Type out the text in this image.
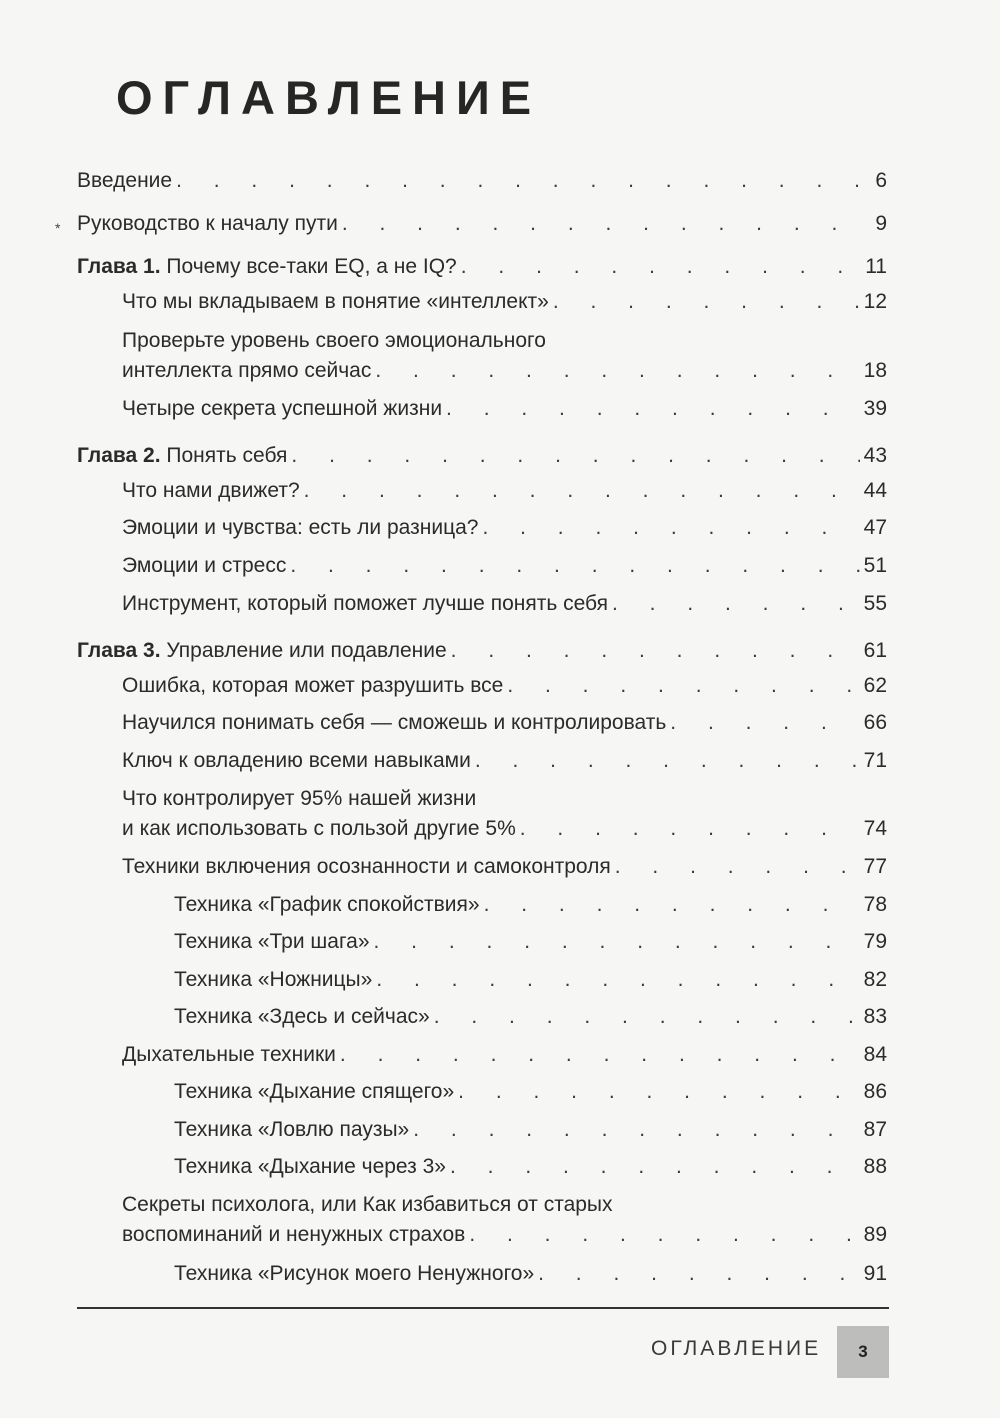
ОГЛАВЛЕНИЕ
*
Введение . . .	6
Руководство к началу пути . . .	9
Глава 1. Почему все-таки EQ, а не IQ? . . .	11
Что мы вкладываем в понятие «интеллект» . . .	12
Проверьте уровень своего эмоционального
интеллекта прямо сейчас . . .	18
Четыре секрета успешной жизни . . .	39
Глава 2. Понять себя . . .	43
Что нами движет? . . .	44
Эмоции и чувства: есть ли разница? . . .	47
Эмоции и стресс . . .	51
Инструмент, который поможет лучше понять себя . . .	55
Глава 3. Управление или подавление . . .	61
Ошибка, которая может разрушить все . . .	62
Научился понимать себя — сможешь и контролировать . . .	66
Ключ к овладению всеми навыками . . .	71
Что контролирует 95% нашей жизни
и как использовать с пользой другие 5% . . .	74
Техники включения осознанности и самоконтроля . . .	77
Техника «График спокойствия» . . .	78
Техника «Три шага» . . .	79
Техника «Ножницы» . . .	82
Техника «Здесь и сейчас» . . .	83
Дыхательные техники . . .	84
Техника «Дыхание спящего» . . .	86
Техника «Ловлю паузы» . . .	87
Техника «Дыхание через 3» . . .	88
Секреты психолога, или Как избавиться от старых
воспоминаний и ненужных страхов . . .	89
Техника «Рисунок моего Ненужного» . . .	91
ОГЛАВЛЕНИЕ	3
